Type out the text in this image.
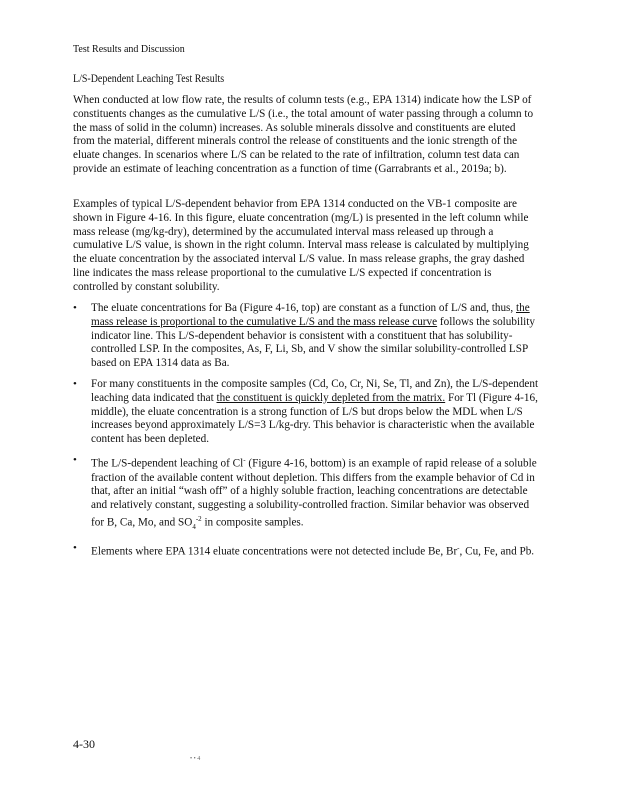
Test Results and Discussion
L/S-Dependent Leaching Test Results

When conducted at low flow rate, the results of column tests (e.g., EPA 1314) indicate how the LSP of constituents changes as the cumulative L/S (i.e., the total amount of water passing through a column to the mass of solid in the column) increases. As soluble minerals dissolve and constituents are eluted from the material, different minerals control the release of constituents and the ionic strength of the eluate changes. In scenarios where L/S can be related to the rate of infiltration, column test data can provide an estimate of leaching concentration as a function of time (Garrabrants et al., 2019a; b).

Examples of typical L/S-dependent behavior from EPA 1314 conducted on the VB-1 composite are shown in Figure 4-16. In this figure, eluate concentration (mg/L) is presented in the left column while mass release (mg/kg-dry), determined by the accumulated interval mass released up through a cumulative L/S value, is shown in the right column. Interval mass release is calculated by multiplying the eluate concentration by the associated interval L/S value. In mass release graphs, the gray dashed line indicates the mass release proportional to the cumulative L/S expected if concentration is controlled by constant solubility.

• The eluate concentrations for Ba (Figure 4-16, top) are constant as a function of L/S and, thus, the mass release is proportional to the cumulative L/S and the mass release curve follows the solubility indicator line. This L/S-dependent behavior is consistent with a constituent that has solubility-controlled LSP. In the composites, As, F, Li, Sb, and V show the similar solubility-controlled LSP based on EPA 1314 data as Ba.
• For many constituents in the composite samples (Cd, Co, Cr, Ni, Se, Tl, and Zn), the L/S-dependent leaching data indicated that the constituent is quickly depleted from the matrix. For Tl (Figure 4-16, middle), the eluate concentration is a strong function of L/S but drops below the MDL when L/S increases beyond approximately L/S=3 L/kg-dry. This behavior is characteristic when the available content has been depleted.
• The L/S-dependent leaching of Cl- (Figure 4-16, bottom) is an example of rapid release of a soluble fraction of the available content without depletion. This differs from the example behavior of Cd in that, after an initial “wash off” of a highly soluble fraction, leaching concentrations are detectable and relatively constant, suggesting a solubility-controlled fraction. Similar behavior was observed for B, Ca, Mo, and $SO_4^{-2}$ in composite samples.
• Elements where EPA 1314 eluate concentrations were not detected include Be, Br-, Cu, Fe, and Pb.
4-30
• • 4
